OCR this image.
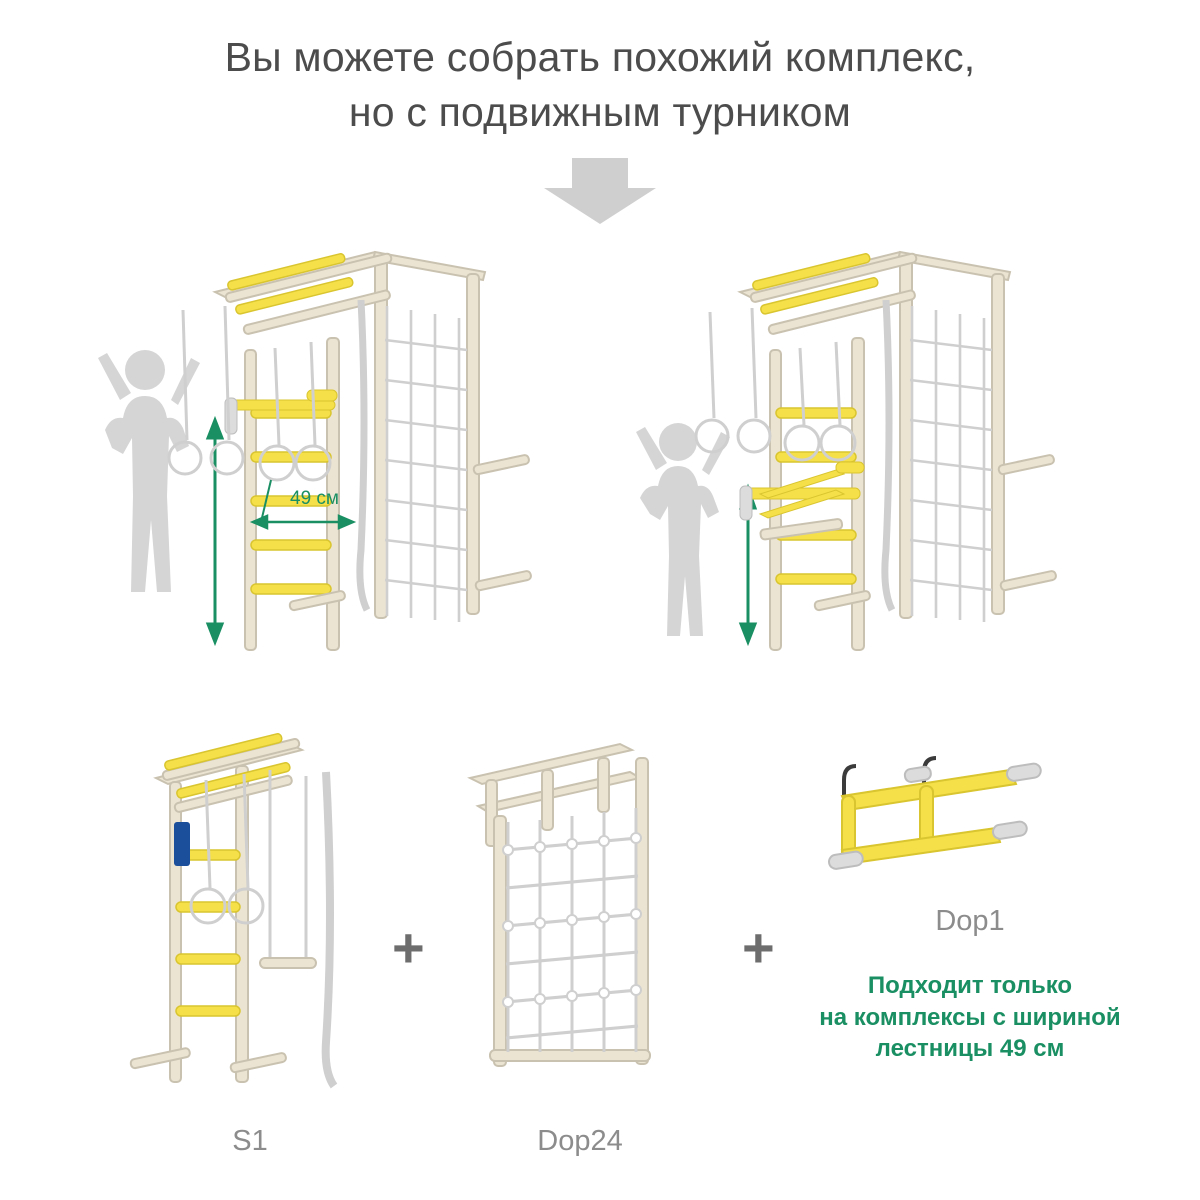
Вы можете собрать похожий комплекс,
но с подвижным турником
49 см
+	+
S1	Dop24
Dop1
Подходит только
на комплексы с шириной
лестницы 49 см
